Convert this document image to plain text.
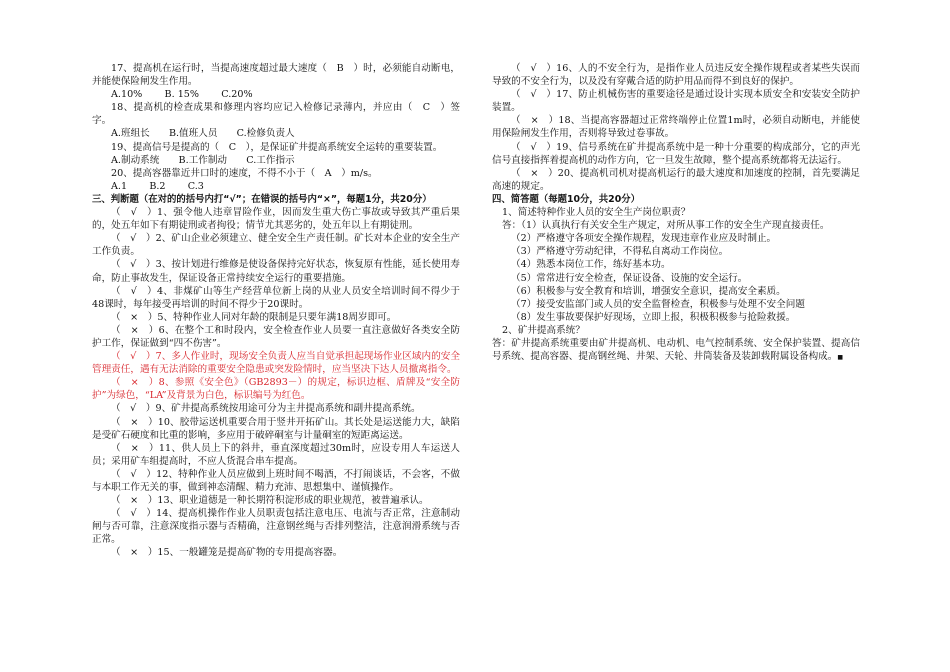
17、提高机在运行时，当提高速度超过最大速度（　B　）时，必须能自动断电，并能使保险闸发生作用。

A.10%　　 B. 15%　　 C.20%

18、提高机的检查成果和修理内容均应记入检修记录薄内，并应由（　C　）签字。

A.班组长　　B.值班人员　　C.检修负责人

19、提高信号是提高的（　C　），是保证矿井提高系统安全运转的重要装置。

A.制动系统　　B.工作制动　　C.工作指示

20、提高容器靠近井口时的速度，不得不小于（　A　）m/s。

A.1　　 B.2　　 C.3

三、判断题（在对的的括号内打“√”；在错误的括号内“×”，每题1分，共20分）

（　√　）1、强令他人违章冒险作业，因而发生重大伤亡事故或导致其严重后果的，处五年如下有期徒刑或者拘役；情节尤其恶劣的，处五年以上有期徒刑。

（　√　）2、矿山企业必须建立、健全安全生产责任制。矿长对本企业的安全生产工作负责。

（　√　）3、按计划进行维修是使设备保持完好状态，恢复原有性能，延长使用寿命，防止事故发生，保证设备正常持续安全运行的重要措施。

（　√　）4、非煤矿山等生产经营单位新上岗的从业人员安全培训时间不得少于48课时，每年接受再培训的时间不得少于20课时。

（　×　）5、特种作业人同对年龄的限制是只要年满18周岁即可。

（　×　）6、在整个工和时段内，安全检查作业人员要一直注意做好各类安全防护工作，保证做到“四不伤害”。

（　√　）7、多人作业时，现场安全负责人应当自觉承担起现场作业区域内的安全管理责任，遇有无法消除的重要安全隐患或突发险情时，应当坚决下达人员撤离指令。

（　×　）8、参照《安全色》（GB2893－）的规定，标识边框、盾牌及“安全防护”为绿色，“LA”及背景为白色，标识编号为红色。

（　√　）9、矿井提高系统按用途可分为主井提高系统和副井提高系统。

（　×　）10、胶带运送机重要合用于竖井开拓矿山。其长处是运送能力大，缺陷是受矿石硬度和比重的影响，多应用于破碎硐室与计量硐室的短距离运送。

（　×　）11、供人员上下的斜井，垂直深度超过30m时，应设专用人车运送人员；采用矿车组提高时，不应人货混合串车提高。

（　√　）12、特种作业人员应做到上班时间不喝酒，不打闹谈话，不会客，不做与本职工作无关的事，做到神态清醒、精力充沛、思想集中、谨慎操作。

（　×　）13、职业道德是一种长期符积淀形成的职业规范，被普遍承认。

（　√　）14、提高机操作作业人员职责包括注意电压、电流与否正常，注意制动闸与否可靠，注意深度指示器与否精确，注意钢丝绳与否排列整洁，注意润滑系统与否正常。

（　×　）15、一般罐笼是提高矿物的专用提高容器。

（　√　）16、人的不安全行为，是指作业人员违反安全操作规程或者某些失误而导致的不安全行为，以及没有穿戴合适的防护用品而得不到良好的保护。

（　√　）17、防止机械伤害的重要途径是通过设计实现本质安全和安装安全防护装置。

（　×　）18、当提高容器超过正常终端停止位置1m时，必须自动断电，并能使用保险闸发生作用，否则将导致过卷事故。

（　√　）19、信号系统在矿井提高系统中是一种十分重要的构成部分，它的声光信号直接指挥着提高机的动作方向，它一旦发生故障，整个提高系统都将无法运行。

（　×　）20、提高机司机对提高机运行的最大速度和加速度的控制，首先要满足高速的规定。

四、简答题（每题10分，共20分）

1、简述特种作业人员的安全生产岗位职责？

答：（1）认真执行有关安全生产规定，对所从事工作的安全生产现直接责任。

（2）严格遵守各项安全操作规程，发现违章作业应及时制止。

（3）严格遵守劳动纪律，不得私自离动工作岗位。

（4）熟悉本岗位工作，练好基本功。

（5）常常进行安全检查，保证设备、设施的安全运行。

（6）积极参与安全教育和培训，增强安全意识，提高安全素质。

（7）接受安监部门或人员的安全监督检查，积极参与处理不安全问题

（8）发生事故要保护好现场，立即上报，积极积极参与抢险救援。

2、矿井提高系统？

答：矿井提高系统重要由矿井提高机、电动机、电气控制系统、安全保护装置、提高信号系统、提高容器、提高钢丝绳、井架、天轮、井筒装备及装卸载附属设备构成。■
